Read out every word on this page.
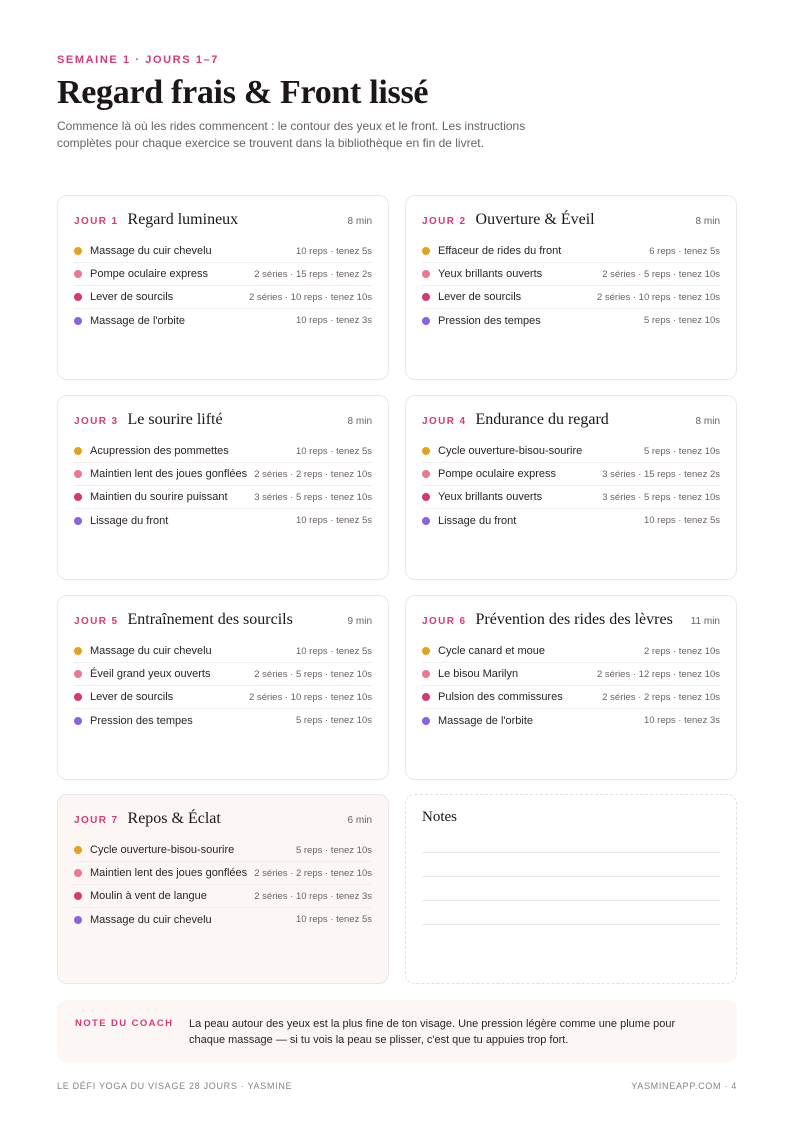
SEMAINE 1 · JOURS 1–7
Regard frais & Front lissé

Commence là où les rides commencent : le contour des yeux et le front. Les instructions complètes pour chaque exercice se trouvent dans la bibliothèque en fin de livret.

JOUR 1 Regard lumineux	8 min
Massage du cuir chevelu	10 reps · tenez 5s
Pompe oculaire express	2 séries · 15 reps · tenez 2s
Lever de sourcils	2 séries · 10 reps · tenez 10s
Massage de l'orbite	10 reps · tenez 3s
JOUR 2 Ouverture & Éveil	8 min
Effaceur de rides du front	6 reps · tenez 5s
Yeux brillants ouverts	2 séries · 5 reps · tenez 10s
Lever de sourcils	2 séries · 10 reps · tenez 10s
Pression des tempes	5 reps · tenez 10s
JOUR 3 Le sourire lifté	8 min
Acupression des pommettes	10 reps · tenez 5s
Maintien lent des joues gonflées 2 séries · 2 reps · tenez 10s
Maintien du sourire puissant	3 séries · 5 reps · tenez 10s
Lissage du front	10 reps · tenez 5s
JOUR 4 Endurance du regard	8 min
Cycle ouverture-bisou-sourire	5 reps · tenez 10s
Pompe oculaire express	3 séries · 15 reps · tenez 2s
Yeux brillants ouverts	3 séries · 5 reps · tenez 10s
Lissage du front	10 reps · tenez 5s
JOUR 5 Entraînement des sourcils	9 min
Massage du cuir chevelu	10 reps · tenez 5s
Éveil grand yeux ouverts	2 séries · 5 reps · tenez 10s
Lever de sourcils	2 séries · 10 reps · tenez 10s
Pression des tempes	5 reps · tenez 10s
JOUR 6 Prévention des rides des lèvres 11 min
Cycle canard et moue	2 reps · tenez 10s
Le bisou Marilyn	2 séries · 12 reps · tenez 10s
Pulsion des commissures	2 séries · 2 reps · tenez 10s
Massage de l'orbite	10 reps · tenez 3s
JOUR 7 Repos & Éclat	6 min
Cycle ouverture-bisou-sourire	5 reps · tenez 10s
Maintien lent des joues gonflées 2 séries · 2 reps · tenez 10s
Moulin à vent de langue	2 séries · 10 reps · tenez 3s
Massage du cuir chevelu	10 reps · tenez 5s
Notes
NOTE DU COACH	La peau autour des yeux est la plus fine de ton visage. Une pression légère comme une plume pour chaque massage — si tu vois la peau se plisser, c'est que tu appuies trop fort.
LE DÉFI YOGA DU VISAGE 28 JOURS · YASMINE	YASMINEAPP.COM · 4
